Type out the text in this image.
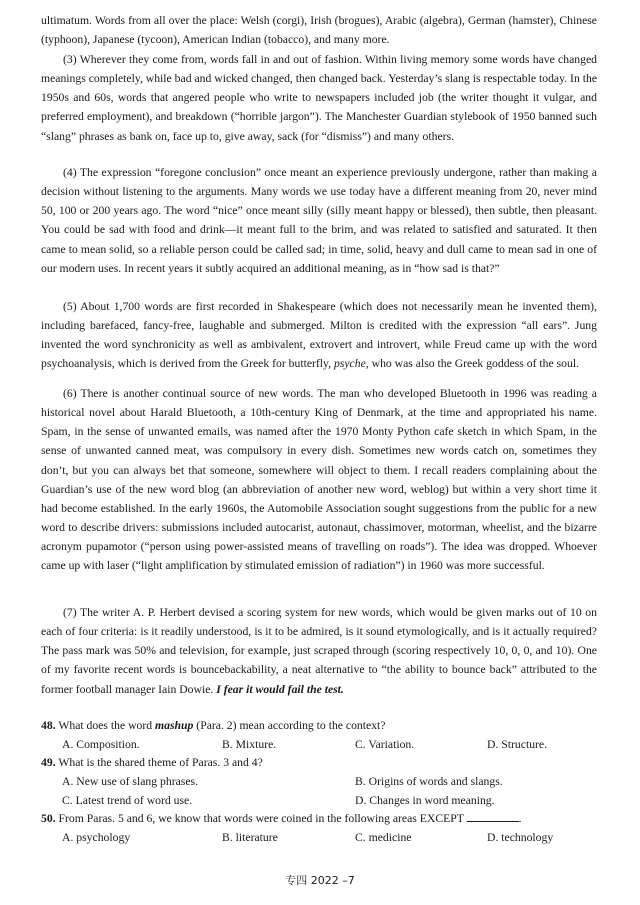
ultimatum. Words from all over the place: Welsh (corgi), Irish (brogues), Arabic (algebra), German (hamster), Chinese (typhoon), Japanese (tycoon), American Indian (tobacco), and many more.

(3) Wherever they come from, words fall in and out of fashion. Within living memory some words have changed meanings completely, while bad and wicked changed, then changed back. Yesterday’s slang is respectable today. In the 1950s and 60s, words that angered people who write to newspapers included job (the writer thought it vulgar, and preferred employment), and breakdown (“horrible jargon”). The Manchester Guardian stylebook of 1950 banned such “slang” phrases as bank on, face up to, give away, sack (for “dismiss”) and many others.

(4) The expression “foregone conclusion” once meant an experience previously undergone, rather than making a decision without listening to the arguments. Many words we use today have a different meaning from 20, never mind 50, 100 or 200 years ago. The word “nice” once meant silly (silly meant happy or blessed), then subtle, then pleasant. You could be sad with food and drink—it meant full to the brim, and was related to satisfied and saturated. It then came to mean solid, so a reliable person could be called sad; in time, solid, heavy and dull came to mean sad in one of our modern uses. In recent years it subtly acquired an additional meaning, as in “how sad is that?”

(5) About 1,700 words are first recorded in Shakespeare (which does not necessarily mean he invented them), including barefaced, fancy-free, laughable and submerged. Milton is credited with the expression “all ears”. Jung invented the word synchronicity as well as ambivalent, extrovert and introvert, while Freud came up with the word psychoanalysis, which is derived from the Greek for butterfly, psyche, who was also the Greek goddess of the soul.

(6) There is another continual source of new words. The man who developed Bluetooth in 1996 was reading a historical novel about Harald Bluetooth, a 10th-century King of Denmark, at the time and appropriated his name. Spam, in the sense of unwanted emails, was named after the 1970 Monty Python cafe sketch in which Spam, in the sense of unwanted canned meat, was compulsory in every dish. Sometimes new words catch on, sometimes they don’t, but you can always bet that someone, somewhere will object to them. I recall readers complaining about the Guardian’s use of the new word blog (an abbreviation of another new word, weblog) but within a very short time it had become established. In the early 1960s, the Automobile Association sought suggestions from the public for a new word to describe drivers: submissions included autocarist, autonaut, chassimover, motorman, wheelist, and the bizarre acronym pupamotor (“person using power-assisted means of travelling on roads”). The idea was dropped. Whoever came up with laser (“light amplification by stimulated emission of radiation”) in 1960 was more successful.

(7) The writer A. P. Herbert devised a scoring system for new words, which would be given marks out of 10 on each of four criteria: is it readily understood, is it to be admired, is it sound etymologically, and is it actually required? The pass mark was 50% and television, for example, just scraped through (scoring respectively 10, 0, 0, and 10). One of my favorite recent words is bouncebackability, a neat alternative to “the ability to bounce back” attributed to the former football manager Iain Dowie. I fear it would fail the test.

48. What does the word mashup (Para. 2) mean according to the context?
A. Composition.	B. Mixture.	C. Variation.	D. Structure.
49. What is the shared theme of Paras. 3 and 4?
A. New use of slang phrases.	B. Origins of words and slangs.
C. Latest trend of word use.	D. Changes in word meaning.
50. From Paras. 5 and 6, we know that words were coined in the following areas EXCEPT	.
A. psychology	B. literature	C. medicine	D. technology
专四 2022 –7
